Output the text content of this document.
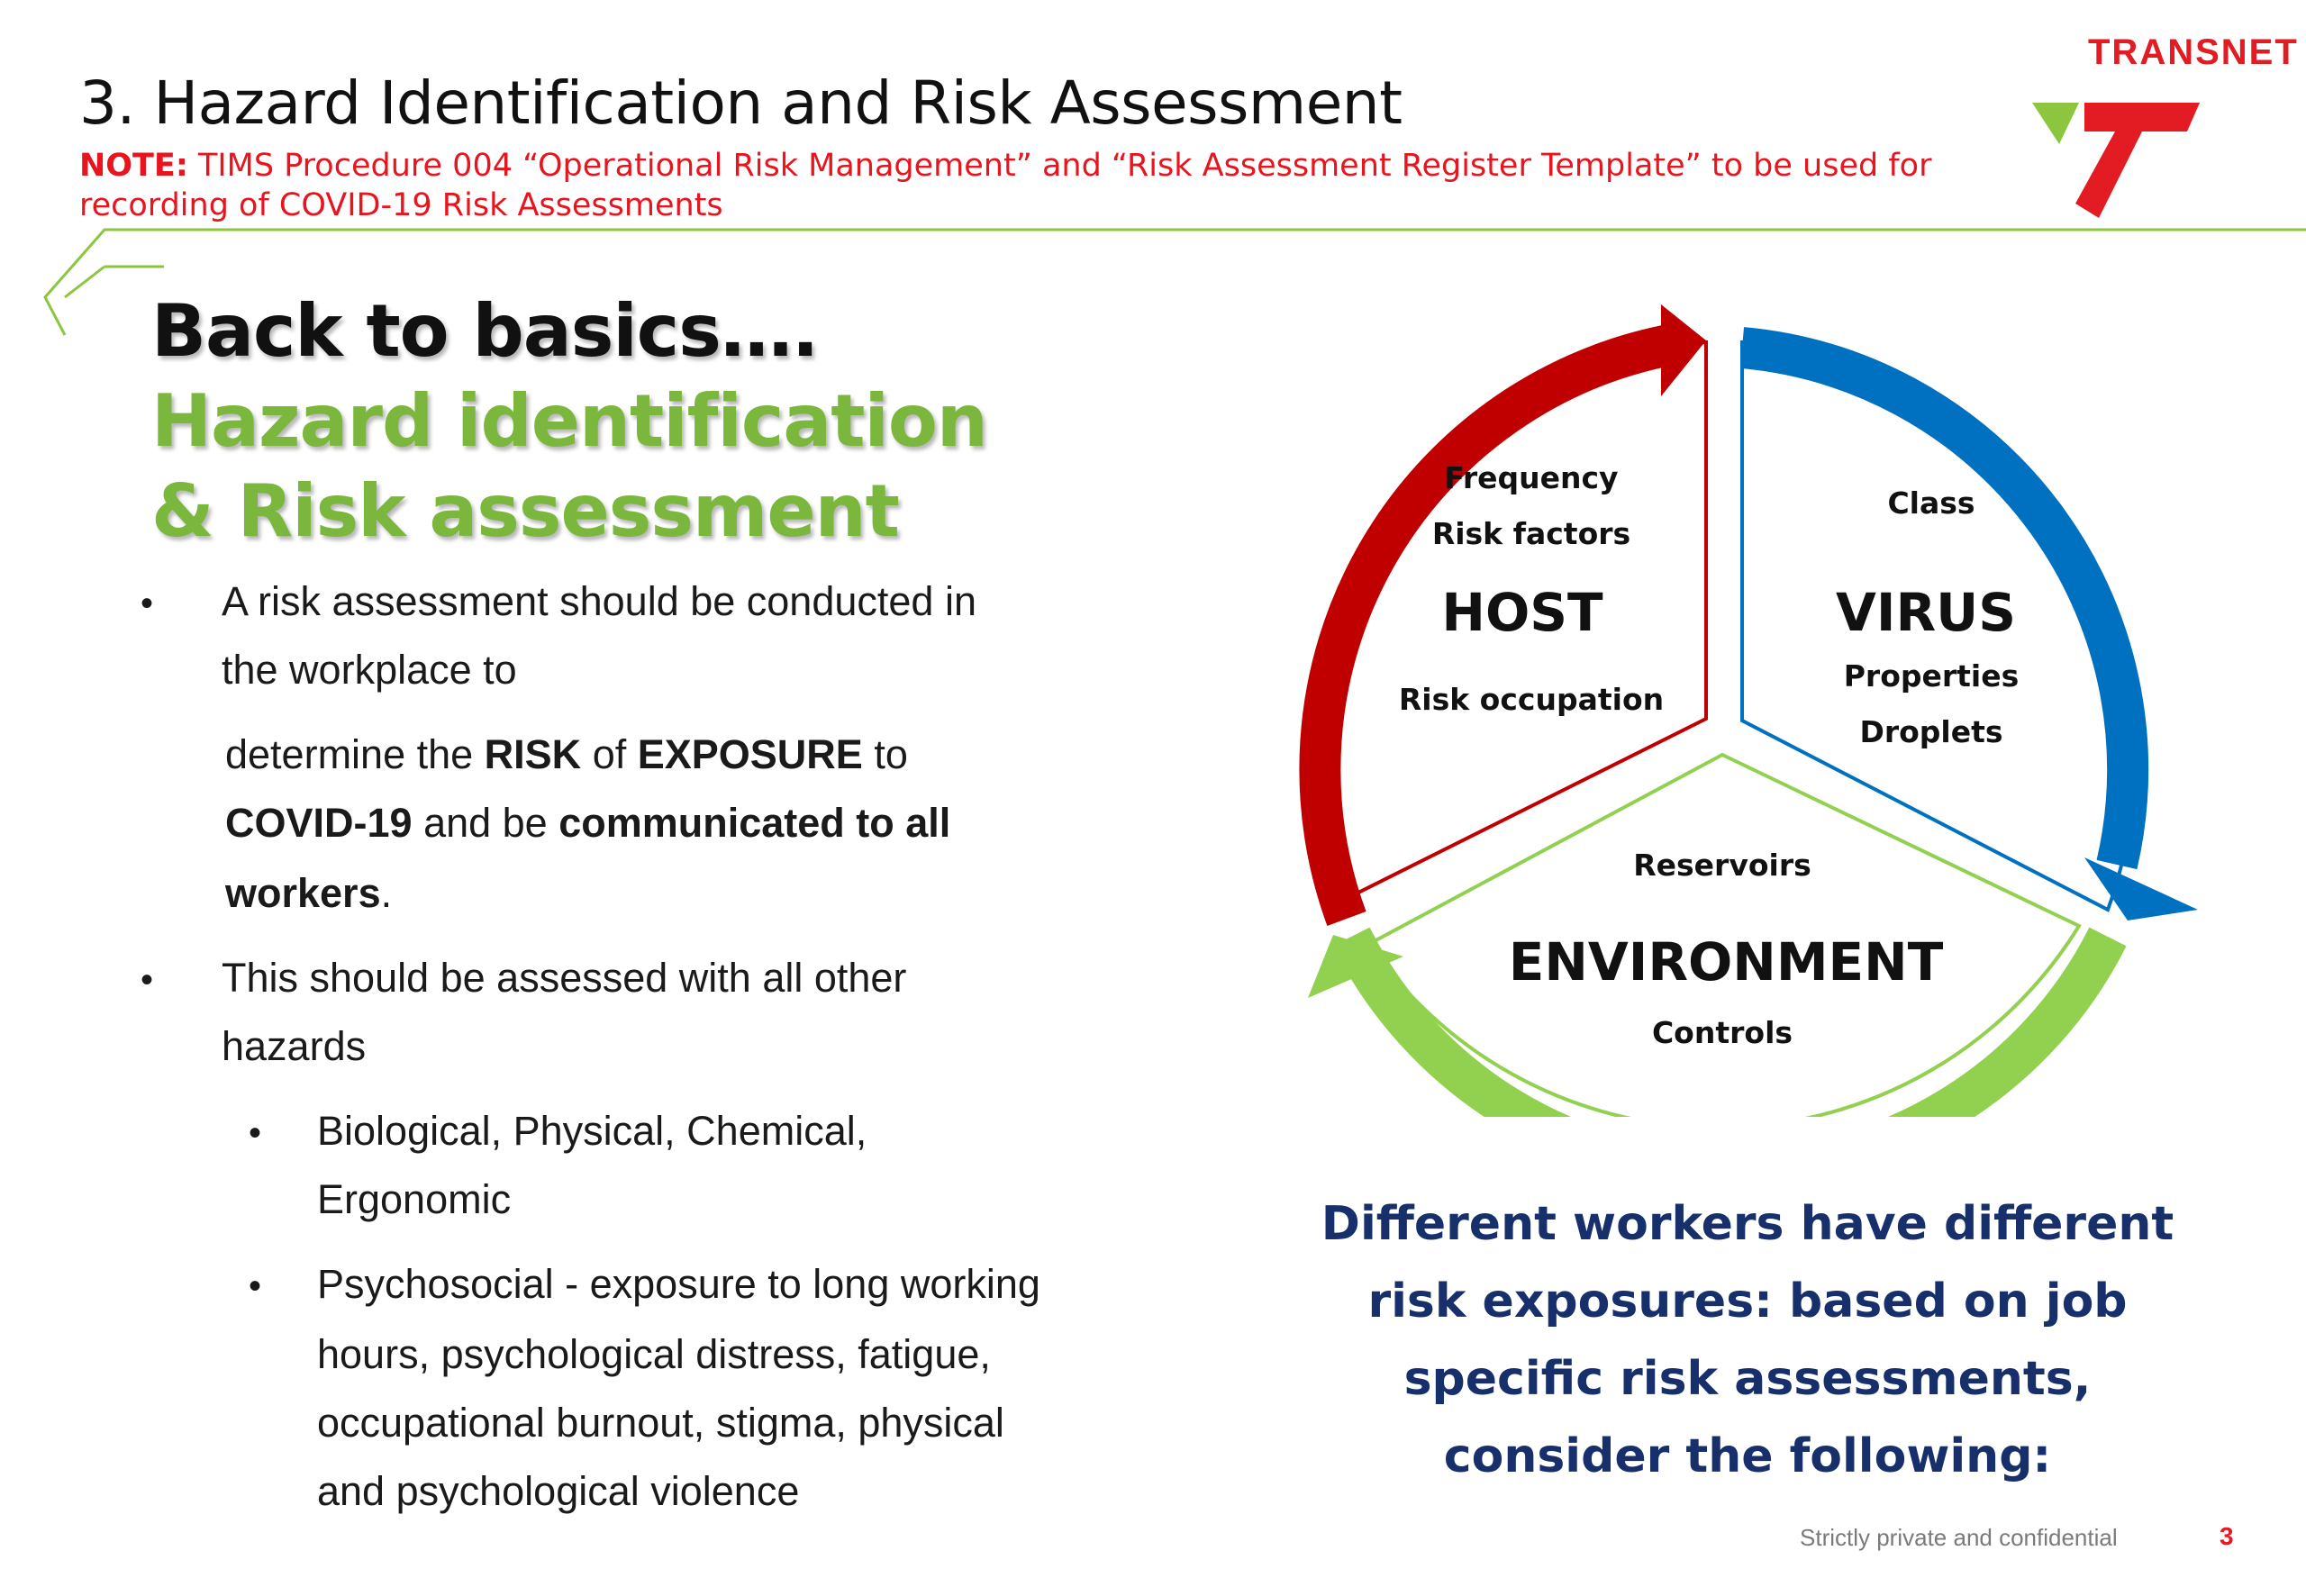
3. Hazard Identification and Risk Assessment
NOTE: TIMS Procedure 004 “Operational Risk Management” and “Risk Assessment Register Template” to be used for recording of COVID-19 Risk Assessments
TRANSNET
Back to basics….
Hazard identification
& Risk assessment
• A risk assessment should be conducted in
the workplace to
determine the RISK of EXPOSURE to
COVID-19 and be communicated to all
workers.
• This should be assessed with all other
hazards
• Biological, Physical, Chemical,
Ergonomic
• Psychosocial - exposure to long working
hours, psychological distress, fatigue,
occupational burnout, stigma, physical
and psychological violence
Frequency
Risk factors
HOST
Risk occupation
Class
VIRUS
Properties
Droplets
Reservoirs
ENVIRONMENT
Controls
Different workers have different
risk exposures: based on job
specific risk assessments,
consider the following:
Strictly private and confidential	3
